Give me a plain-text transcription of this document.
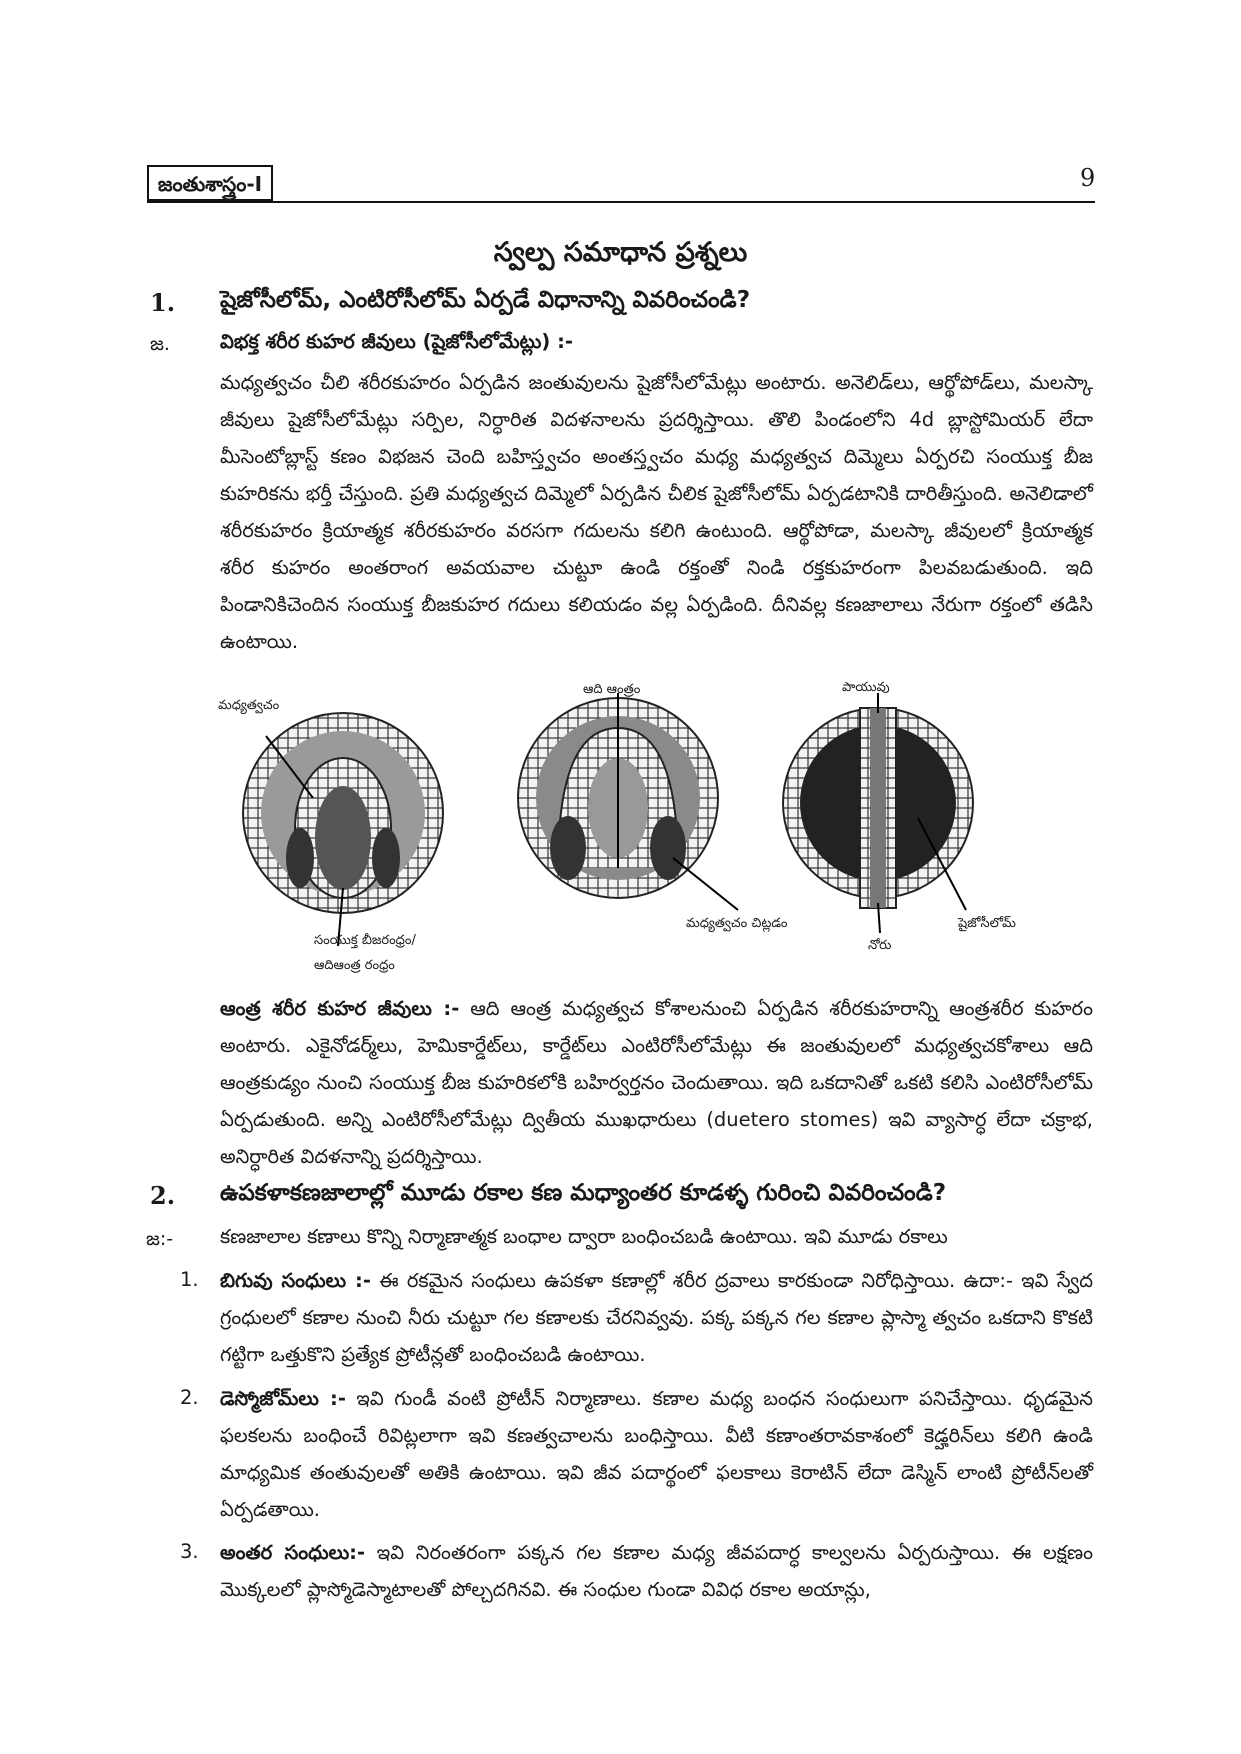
జంతుశాస్త్రం-I	9
స్వల్ప సమాధాన ప్రశ్నలు
1. షైజోసీలోమ్, ఎంటిరోసీలోమ్ ఏర్పడే విధానాన్ని వివరించండి?
జ.	విభక్త శరీర కుహర జీవులు (షైజోసీలోమేట్లు) :-
మధ్యత్వచం చీలి శరీరకుహరం ఏర్పడిన జంతువులను షైజోసీలోమేట్లు అంటారు. అనెలిడ్‌లు, ఆర్థోపోడ్‌లు, మలస్కా జీవులు షైజోసీలోమేట్లు సర్పిల, నిర్ధారిత విదళనాలను ప్రదర్శిస్తాయి. తొలి పిండంలోని 4d బ్లాస్టోమియర్ లేదా మీసెంటోబ్లాస్ట్ కణం విభజన చెంది బహిస్త్వచం అంతస్త్వచం మధ్య మధ్యత్వచ దిమ్మెలు ఏర్పరచి సంయుక్త బీజ కుహరికను భర్తీ చేస్తుంది. ప్రతి మధ్యత్వచ దిమ్మెలో ఏర్పడిన చీలిక షైజోసీలోమ్ ఏర్పడటానికి దారితీస్తుంది. అనెలిడాలో శరీరకుహరం క్రియాత్మక శరీరకుహరం వరసగా గదులను కలిగి ఉంటుంది. ఆర్థోపోడా, మలస్కా జీవులలో క్రియాత్మక శరీర కుహరం అంతరాంగ అవయవాల చుట్టూ ఉండి రక్తంతో నిండి రక్తకుహరంగా పిలవబడుతుంది. ఇది పిండానికిచెందిన సంయుక్త బీజకుహర గదులు కలియడం వల్ల ఏర్పడింది. దీనివల్ల కణజాలాలు నేరుగా రక్తంలో తడిసి ఉంటాయి.
మధ్యత్వచం
ఆది ఆంత్రం	పాయువు
సంయుక్త బీజరంధ్రం/
ఆదిఆంత్ర రంధ్రం
మధ్యత్వచం చిట్లడం
నోరు
షైజోసీలోమ్
ఆంత్ర శరీర కుహర జీవులు :- ఆది ఆంత్ర మధ్యత్వచ కోశాలనుంచి ఏర్పడిన శరీరకుహరాన్ని ఆంత్రశరీర కుహరం అంటారు. ఎకైనోడర్మ్‌లు, హెమికార్డేట్‌లు, కార్డేట్‌లు ఎంటిరోసీలోమేట్లు ఈ జంతువులలో మధ్యత్వచకోశాలు ఆది ఆంత్రకుడ్యం నుంచి సంయుక్త బీజ కుహరికలోకి బహిర్వర్తనం చెందుతాయి. ఇది ఒకదానితో ఒకటి కలిసి ఎంటిరోసీలోమ్ ఏర్పడుతుంది. అన్ని ఎంటిరోసీలోమేట్లు ద్వితీయ ముఖధారులు (duetero stomes) ఇవి వ్యాసార్ధ లేదా చక్రాభ, అనిర్ధారిత విదళనాన్ని ప్రదర్శిస్తాయి.
2. ఉపకళాకణజాలాల్లో మూడు రకాల కణ మధ్యాంతర కూడళ్ళ గురించి వివరించండి?
జ:- కణజాలాల కణాలు కొన్ని నిర్మాణాత్మక బంధాల ద్వారా బంధించబడి ఉంటాయి. ఇవి మూడు రకాలు
1. బిగువు సంధులు :- ఈ రకమైన సంధులు ఉపకళా కణాల్లో శరీర ద్రవాలు కారకుండా నిరోధిస్తాయి. ఉదా:- ఇవి స్వేద గ్రంధులలో కణాల నుంచి నీరు చుట్టూ గల కణాలకు చేరనివ్వవు. పక్క పక్కన గల కణాల ప్లాస్మా త్వచం ఒకదాని కొకటి గట్టిగా ఒత్తుకొని ప్రత్యేక ప్రోటీన్లతో బంధించబడి ఉంటాయి.
2. డెస్మోజోమ్‌లు :- ఇవి గుండీ వంటి ప్రోటీన్ నిర్మాణాలు. కణాల మధ్య బంధన సంధులుగా పనిచేస్తాయి. ధృడమైన ఫలకలను బంధించే రివిట్లలాగా ఇవి కణత్వచాలను బంధిస్తాయి. వీటి కణాంతరావకాశంలో కెడ్హరిన్‌లు కలిగి ఉండి మాధ్యమిక తంతువులతో అతికి ఉంటాయి. ఇవి జీవ పదార్థంలో ఫలకాలు కెరాటిన్ లేదా డెస్మిన్ లాంటి ప్రోటీన్‌లతో ఏర్పడతాయి.
3. అంతర సంధులు:- ఇవి నిరంతరంగా పక్కన గల కణాల మధ్య జీవపదార్ధ కాల్వలను ఏర్పరుస్తాయి. ఈ లక్షణం మొక్కలలో ప్లాస్మోడెస్మాటాలతో పోల్చదగినవి. ఈ సంధుల గుండా వివిధ రకాల అయాన్లు,
